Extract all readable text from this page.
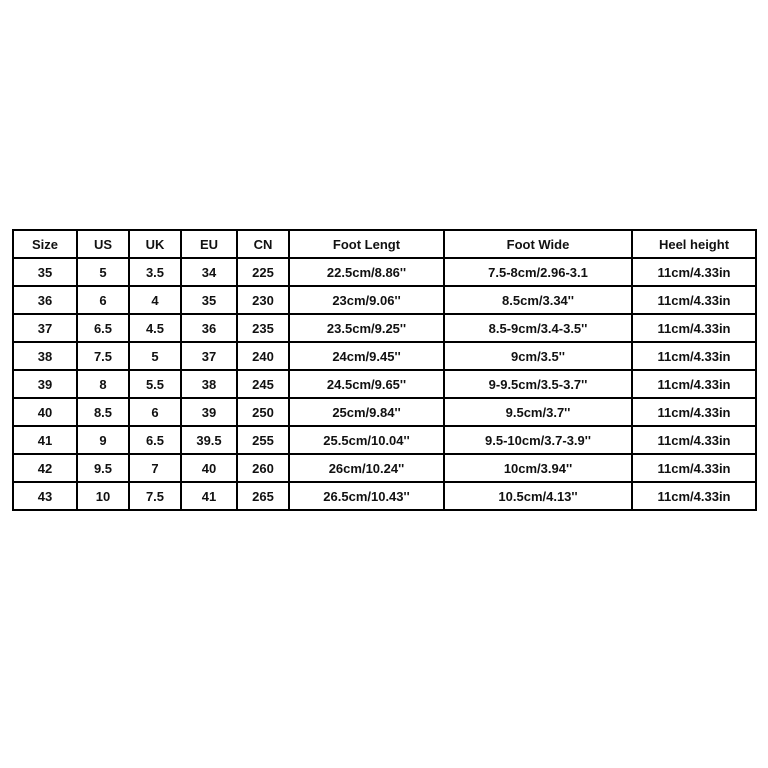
Size	US	UK	EU	CN	Foot Lengt	Foot Wide	Heel height
35	5	3.5	34	225	22.5cm/8.86''	7.5-8cm/2.96-3.1	11cm/4.33in
36	6	4	35	230	23cm/9.06''	8.5cm/3.34''	11cm/4.33in
37	6.5	4.5	36	235	23.5cm/9.25''	8.5-9cm/3.4-3.5''	11cm/4.33in
38	7.5	5	37	240	24cm/9.45''	9cm/3.5''	11cm/4.33in
39	8	5.5	38	245	24.5cm/9.65''	9-9.5cm/3.5-3.7''	11cm/4.33in
40	8.5	6	39	250	25cm/9.84''	9.5cm/3.7''	11cm/4.33in
41	9	6.5	39.5	255	25.5cm/10.04''	9.5-10cm/3.7-3.9''	11cm/4.33in
42	9.5	7	40	260	26cm/10.24''	10cm/3.94''	11cm/4.33in
43	10	7.5	41	265	26.5cm/10.43''	10.5cm/4.13''	11cm/4.33in
